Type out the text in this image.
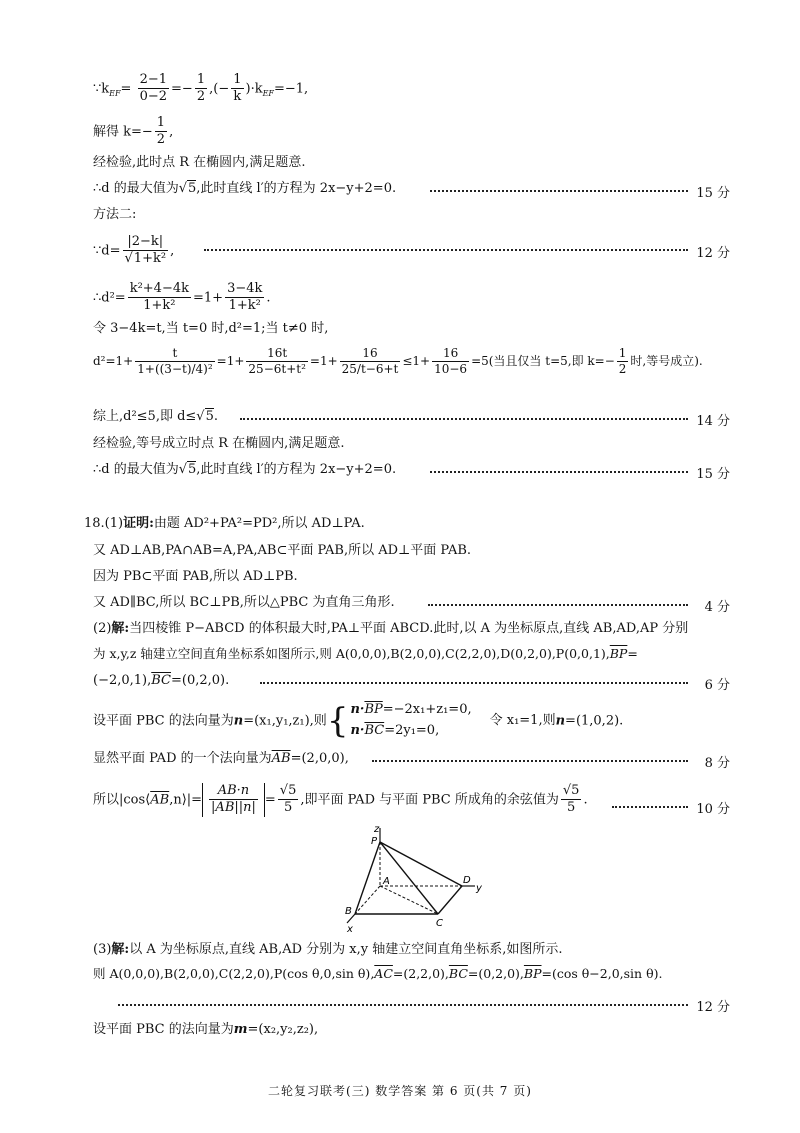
$\because k_{EF}= \frac{2-1}{0-2} =- \frac{1}{2}$ ,(− $\frac{1}{k} )\cdot k_{EF}=-1$,
解得 $k=- \frac{1}{2}$ ,
经检验,此时点 R 在椭圆内,满足题意.
∴d 的最大值为√5,此时直线 l′的方程为 2x−y+2=0.	15 分
方法二:
∵d= $\frac{|2-k|}{\text{√1+k²}}$ ,	12 分
∴d²= $\frac{\text{k²+4−4k}}{\text{1+k²}} =1+ \frac{3-4k}{\text{1+k²}}$ .
令 3−4k=t,当 t=0 时,d²=1;当 t≠0 时,
$d^2=1+ \frac{t}{\text{1+((3−t)/4)²}} =1+ \frac{16t}{\text{25−6t+t²}} =1+ \frac{16}{25/t-6+t} \le 1+ \frac{16}{10-6} =5$(当且仅当 t=5,即 $k=- \frac{1}{2}$ 时,等号成立).
综上,d²≤5,即 d≤√5.	14 分
经检验,等号成立时点 R 在椭圆内,满足题意.
∴d 的最大值为√5,此时直线 l′的方程为 2x−y+2=0.	15 分
18.(1)证明:由题 AD²+PA²=PD²,所以 AD⊥PA.
又 AD⊥AB,PA∩AB=A,PA,AB⊂平面 PAB,所以 AD⊥平面 PAB.
因为 PB⊂平面 PAB,所以 AD⊥PB.
又 AD∥BC,所以 BC⊥PB,所以△PBC 为直角三角形.	4 分
(2)解:当四棱锥 P−ABCD 的体积最大时,PA⊥平面 ABCD.此时,以 A 为坐标原点,直线 AB,AD,AP 分别
为 x,y,z 轴建立空间直角坐标系如图所示,则 $A(0,0,0),B(2,0,0),C(2,2,0),D(0,2,0),P(0,0,1),\overline{BP}=$
$(-2,0,1),\overline{BC}=(0,2,0)$.	6 分
设平面 PBC 的法向量为n=(x₁,y₁,z₁),则{ $n\cdot\overline{BP}=-2x_1+z_1=0$,
$n\cdot\overline{BC}=2y_1=0$,
令 x₁=1,则n=(1,0,2).
显然平面 PAD 的一个法向量为$\overline{AB}=(2,0,0)$,	8 分
所以$|\cos⟨\overline{AB},n⟩|= \frac{AB\cdot n}{|AB||n|} = \frac{√5}{5}$ ,即平面 PAD 与平面 PBC 所成角的余弦值为 $\frac{√5}{5}$ .
10 分
z
P
A
B
C
D
y
x
(3)解:以 A 为坐标原点,直线 AB,AD 分别为 x,y 轴建立空间直角坐标系,如图所示.
则 A(0,0,0),B(2,0,0),C(2,2,0),P(cos θ,0,sin $\theta),\overline{AC}=(2,2,0),\overline{BC}=(0,2,0),\overline{BP}=(\cos$ θ−2,0,sin θ).
12 分
设平面 PBC 的法向量为m=(x₂,y₂,z₂),
二轮复习联考(三) 数学答案 第 6 页(共 7 页)
